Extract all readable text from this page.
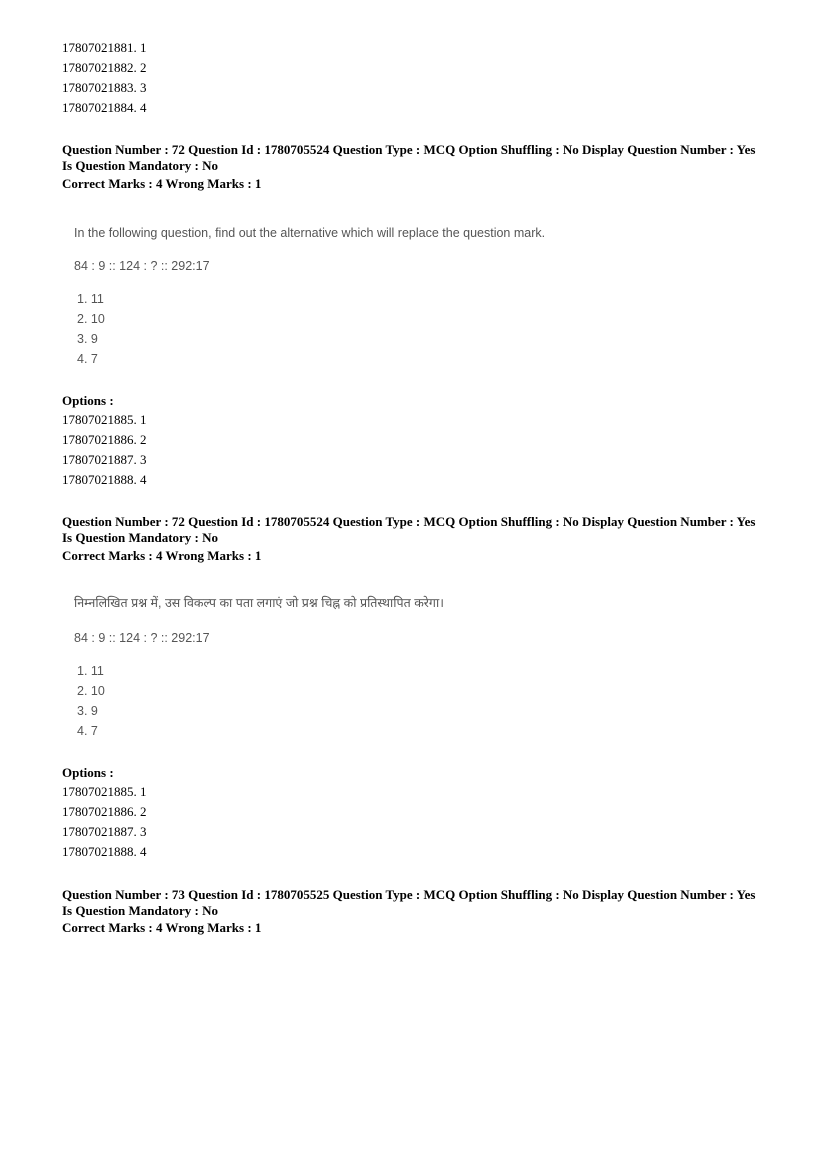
17807021881. 1
17807021882. 2
17807021883. 3
17807021884. 4
Question Number : 72 Question Id : 1780705524 Question Type : MCQ Option Shuffling : No Display Question Number : Yes
Is Question Mandatory : No
Correct Marks : 4 Wrong Marks : 1
In the following question, find out the alternative which will replace the question mark.
84 : 9 :: 124 : ? :: 292:17
1. 11
2. 10
3. 9
4. 7
Options :
17807021885. 1
17807021886. 2
17807021887. 3
17807021888. 4
Question Number : 72 Question Id : 1780705524 Question Type : MCQ Option Shuffling : No Display Question Number : Yes
Is Question Mandatory : No
Correct Marks : 4 Wrong Marks : 1
निम्नलिखित प्रश्न में, उस विकल्प का पता लगाएं जो प्रश्न चिह्न को प्रतिस्थापित करेगा।
84 : 9 :: 124 : ? :: 292:17
1. 11
2. 10
3. 9
4. 7
Options :
17807021885. 1
17807021886. 2
17807021887. 3
17807021888. 4
Question Number : 73 Question Id : 1780705525 Question Type : MCQ Option Shuffling : No Display Question Number : Yes
Is Question Mandatory : No
Correct Marks : 4 Wrong Marks : 1
